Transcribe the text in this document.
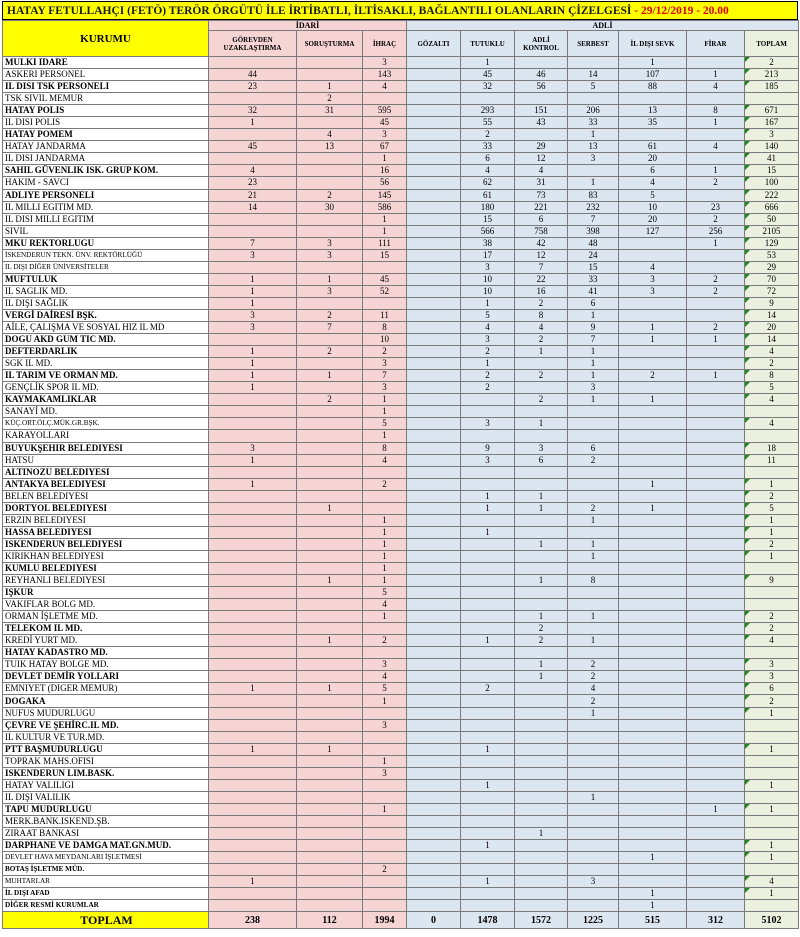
HATAY FETULLAHÇI (FETÖ) TERÖR ÖRGÜTÜ İLE İRTİBATLI, İLTİSAKLI, BAĞLANTILI OLANLARIN ÇİZELGESİ - 29/12/2019 - 20.00
KURUMU	İDARİ			ADLİ						
	GÖREVDEN
UZAKLAŞTIRMA	SORUŞTURMA	İHRAÇ	GÖZALTI	TUTUKLU	ADLİ
KONTROL	SERBEST	İL DIŞI SEVK	FİRAR	TOPLAM
MULKI IDARE			3		1			1		2
ASKERI PERSONEL	44		143		45	46	14	107	1	213
IL DISI TSK PERSONELI	23	1	4		32	56	5	88	4	185
TSK SIVIL MEMUR		2								
HATAY POLIS	32	31	595		293	151	206	13	8	671
IL DISI POLIS	1		45		55	43	33	35	1	167
HATAY POMEM		4	3		2		1			3
HATAY JANDARMA	45	13	67		33	29	13	61	4	140
IL DISI JANDARMA			1		6	12	3	20		41
SAHIL GÜVENLIK ISK. GRUP KOM.	4		16		4	4		6	1	15
HAKIM - SAVCI	23		56		62	31	1	4	2	100
ADLIYE PERSONELI	21	2	145		61	73	83	5		222
IL MILLI EGITIM MD.	14	30	586		180	221	232	10	23	666
IL DISI MILLI EGITIM			1		15	6	7	20	2	50
SIVIL			1		566	758	398	127	256	2105
MKU REKTORLUGU	7	3	111		38	42	48		1	129
İSKENDERUN TEKN. ÜNV. REKTÖRLÜĞÜ	3	3	15		17	12	24			53
IL DIŞI DİĞER ÜNİVERSİTELER					3	7	15	4		29
MUFTULUK	1	1	45		10	22	33	3	2	70
IL SAGLIK MD.	1	3	52		10	16	41	3	2	72
IL DIŞI SAĞLIK	1				1	2	6			9
VERGİ DAİRESİ BŞK.	3	2	11		5	8	1			14
AİLE, ÇALIŞMA VE SOSYAL HIZ IL MD	3	7	8		4	4	9	1	2	20
DOGU AKD GUM TIC MD.			10		3	2	7	1	1	14
DEFTERDARLIK	1	2	2		2	1	1			4
SGK IL MD.	1		3		1		1			2
IL TARIM VE ORMAN MD.	1	1	7		2	2	1	2	1	8
GENÇLİK SPOR IL MD.	1		3		2		3			5
KAYMAKAMLIKLAR		2	1			2	1	1		4
SANAYİ MD.			1							
KÜÇ.ORT.ÖLÇ.MÜK.GR.BŞK.			5		3	1				4
KARAYOLLARI			1							
BUYUKŞEHIR BELEDIYESI	3		8		9	3	6			18
HATSU	1		4		3	6	2			11
ALTINOZU BELEDIYESI										
ANTAKYA BELEDIYESI	1		2					1		1
BELEN BELEDIYESI					1	1				2
DORTYOL BELEDIYESI		1			1	1	2	1		5
ERZIN BELEDIYESI			1				1			1
HASSA BELEDIYESI			1		1					1
ISKENDERUN BELEDIYESI			1			1	1			2
KIRIKHAN BELEDIYESI			1				1			1
KUMLU BELEDIYESI			1							
REYHANLI BELEDIYESI		1	1			1	8			9
IŞKUR			5							
VAKIFLAR BOLG MD.			4							
ORMAN İŞLETME MD.			1			1	1			2
TELEKOM IL MD.						2				2
KREDİ YURT MD.		1	2		1	2	1			4
HATAY KADASTRO MD.										
TUIK HATAY BOLGE MD.			3			1	2			3
DEVLET DEMİR YOLLARI			4			1	2			3
EMNIYET (DIGER MEMUR)	1	1	5		2		4			6
DOGAKA			1				2			2
NUFUS MUDURLUGU							1			1
ÇEVRE VE ŞEHİRC.IL MD.			3							
IL KULTUR VE TUR.MD.										
PTT BAŞMUDURLUGU	1	1			1					1
TOPRAK MAHS.OFISI			1							
ISKENDERUN LIM.BASK.			3							
HATAY VALILIGI					1					1
IL DIŞI VALILIK							1			
TAPU MUDURLUGU			1						1	1
MERK.BANK.ISKEND.ŞB.										
ZIRAAT BANKASI						1				
DARPHANE VE DAMGA MAT.GN.MUD.					1					1
DEVLET HAVA MEYDANLARI İŞLETMESİ								1		1
BOTAŞ İŞLETME MÜD.			2							
MUHTARLAR	1				1		3			4
İL DIŞI AFAD								1		1
DİĞER RESMİ KURUMLAR								1		
TOPLAM	238	112	1994	0	1478	1572	1225	515	312	5102
